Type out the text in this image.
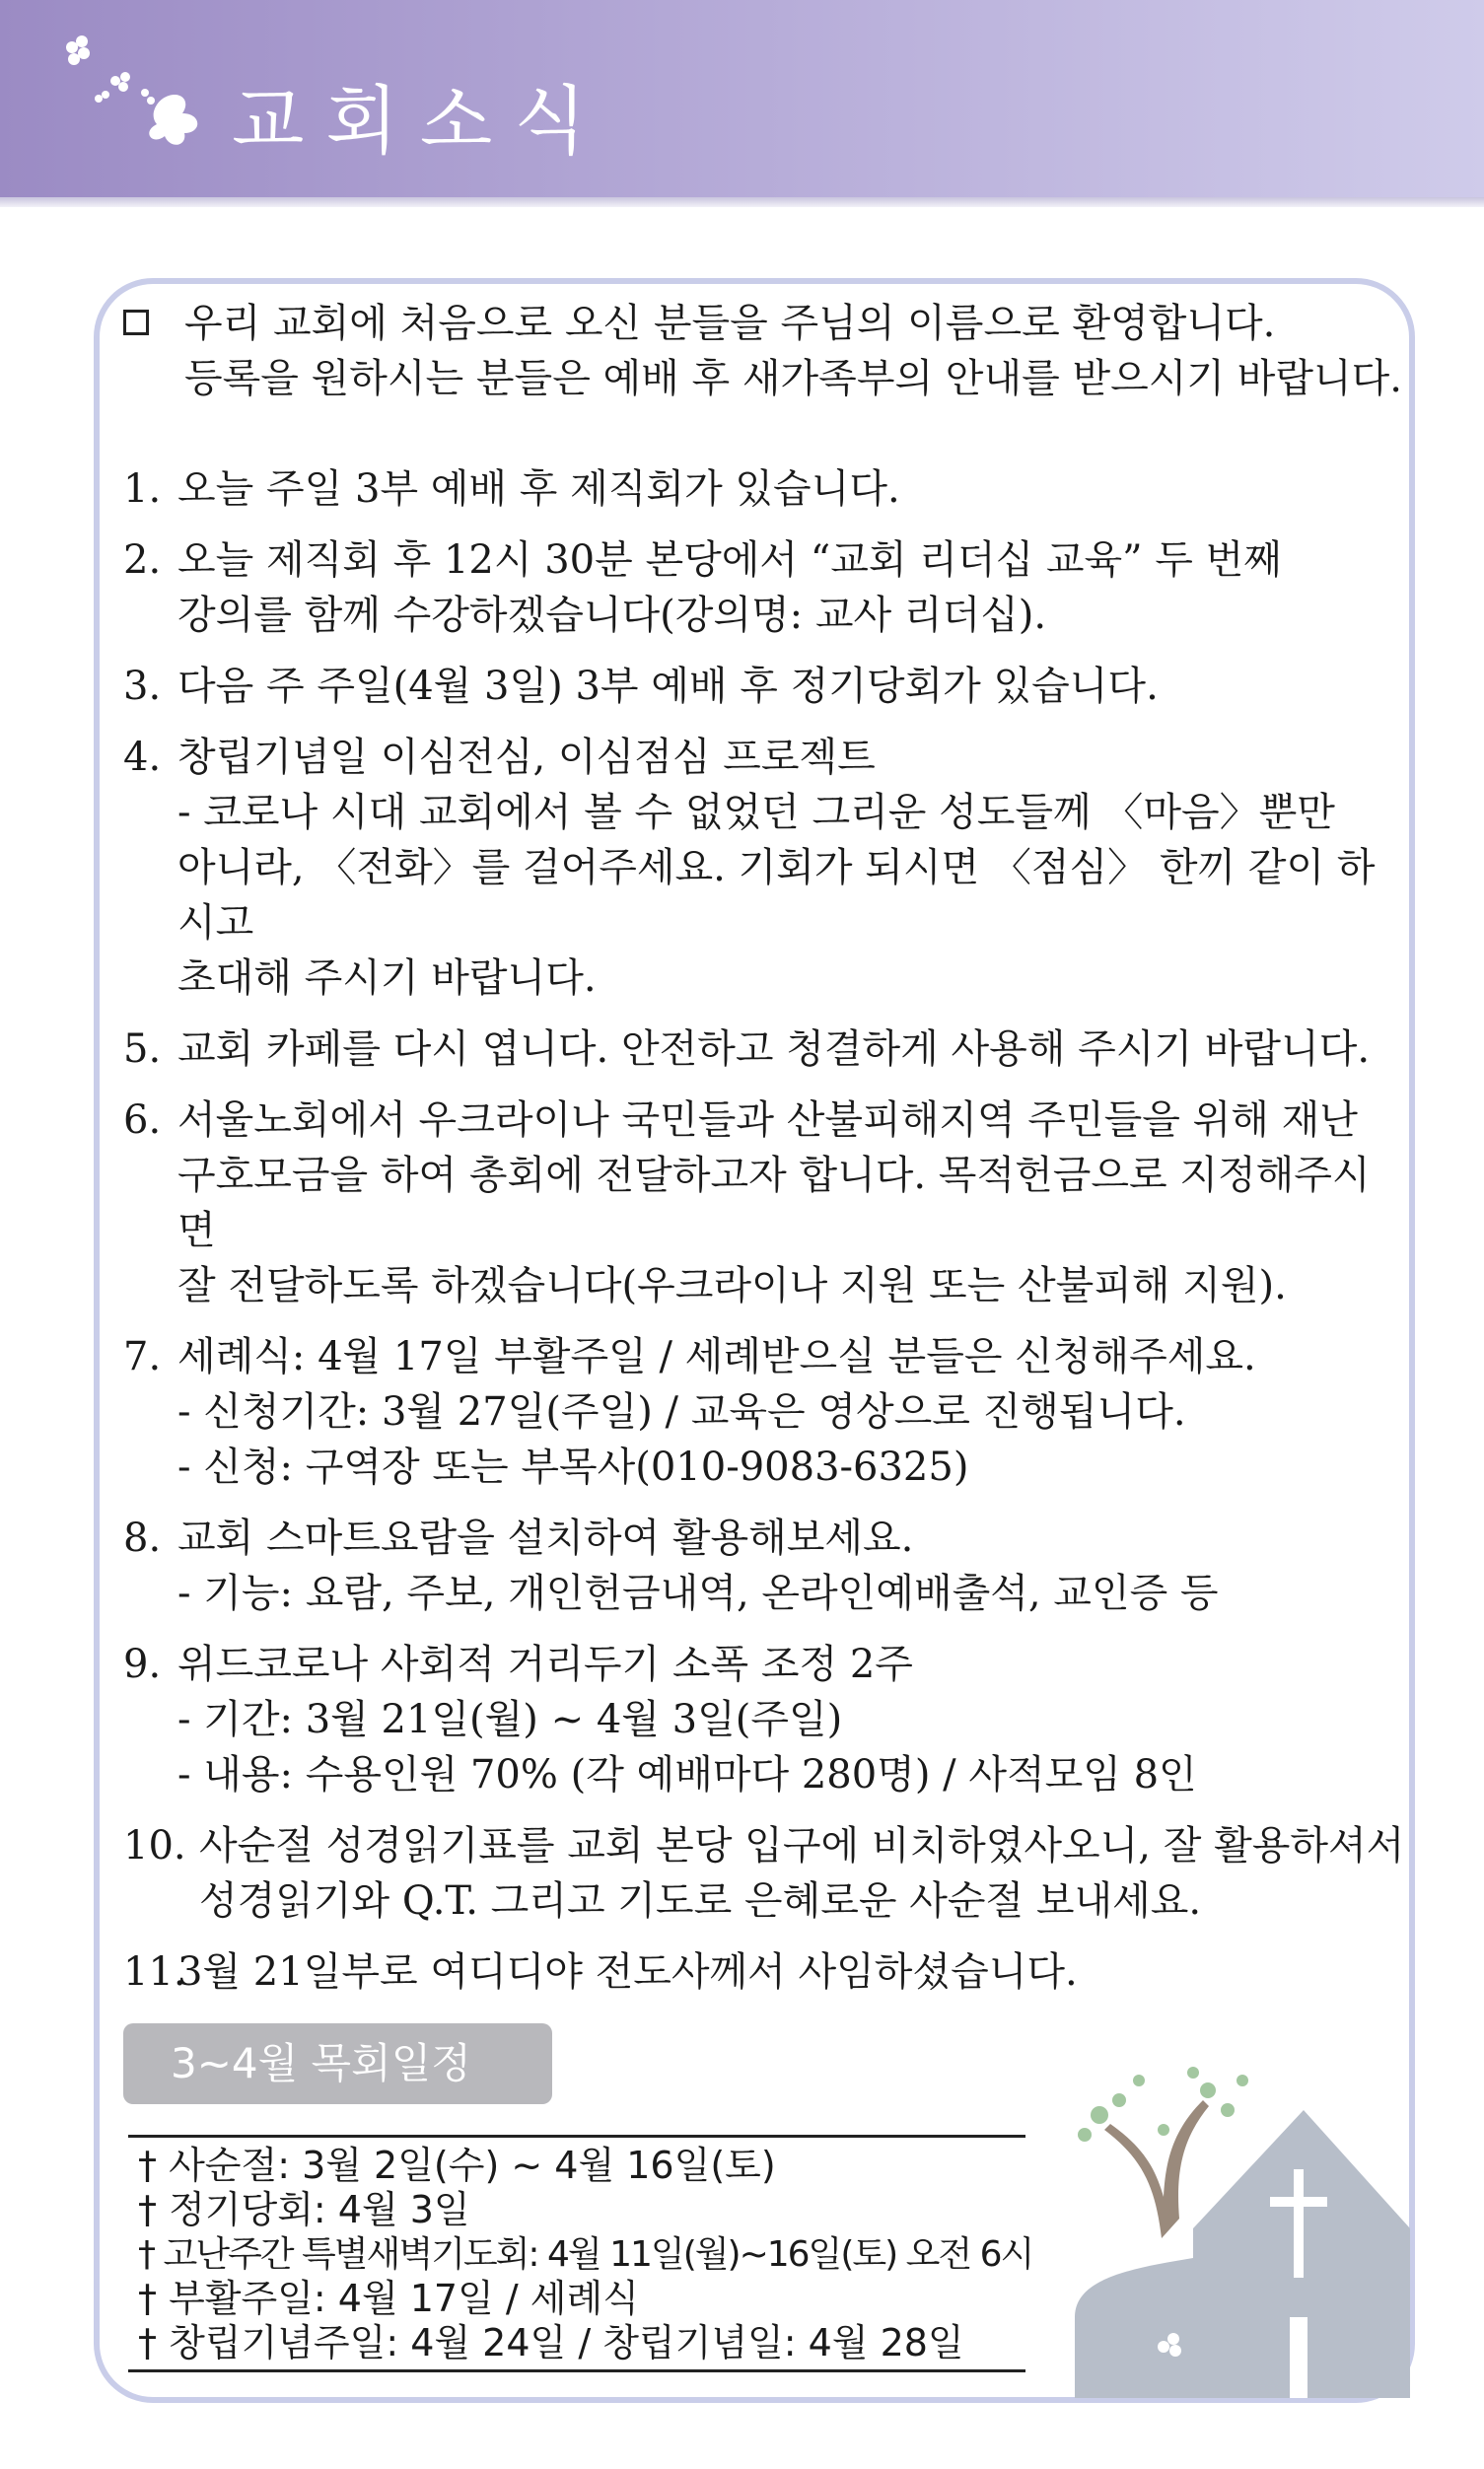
교회소식

우리 교회에 처음으로 오신 분들을 주님의 이름으로 환영합니다.

등록을 원하시는 분들은 예배 후 새가족부의 안내를 받으시기 바랍니다.

1. 오늘 주일 3부 예배 후 제직회가 있습니다.

2. 오늘 제직회 후 12시 30분 본당에서 “교회 리더십 교육” 두 번째

강의를 함께 수강하겠습니다(강의명: 교사 리더십).

3. 다음 주 주일(4월 3일) 3부 예배 후 정기당회가 있습니다.

4. 창립기념일 이심전심, 이심점심 프로젝트

- 코로나 시대 교회에서 볼 수 없었던 그리운 성도들께 〈마음〉뿐만

아니라, 〈전화〉를 걸어주세요. 기회가 되시면 〈점심〉 한끼 같이 하시고

초대해 주시기 바랍니다.

5. 교회 카페를 다시 엽니다. 안전하고 청결하게 사용해 주시기 바랍니다.

6. 서울노회에서 우크라이나 국민들과 산불피해지역 주민들을 위해 재난

구호모금을 하여 총회에 전달하고자 합니다. 목적헌금으로 지정해주시면

잘 전달하도록 하겠습니다(우크라이나 지원 또는 산불피해 지원).

7. 세례식: 4월 17일 부활주일 / 세례받으실 분들은 신청해주세요.

- 신청기간: 3월 27일(주일) / 교육은 영상으로 진행됩니다.

- 신청: 구역장 또는 부목사(010-9083-6325)

8. 교회 스마트요람을 설치하여 활용해보세요.

- 기능: 요람, 주보, 개인헌금내역, 온라인예배출석, 교인증 등

9. 위드코로나 사회적 거리두기 소폭 조정 2주

- 기간: 3월 21일(월) ~ 4월 3일(주일)

- 내용: 수용인원 70% (각 예배마다 280명) / 사적모임 8인

10. 사순절 성경읽기표를 교회 본당 입구에 비치하였사오니, 잘 활용하셔서

성경읽기와 Q.T. 그리고 기도로 은혜로운 사순절 보내세요.

11.

3월 21일부로 여디디야 전도사께서 사임하셨습니다.

3~4월 목회일정

† 사순절: 3월 2일(수) ~ 4월 16일(토)

† 정기당회: 4월 3일

† 고난주간 특별새벽기도회: 4월 11일(월)~16일(토) 오전 6시

† 부활주일: 4월 17일 / 세례식

† 창립기념주일: 4월 24일 / 창립기념일: 4월 28일
